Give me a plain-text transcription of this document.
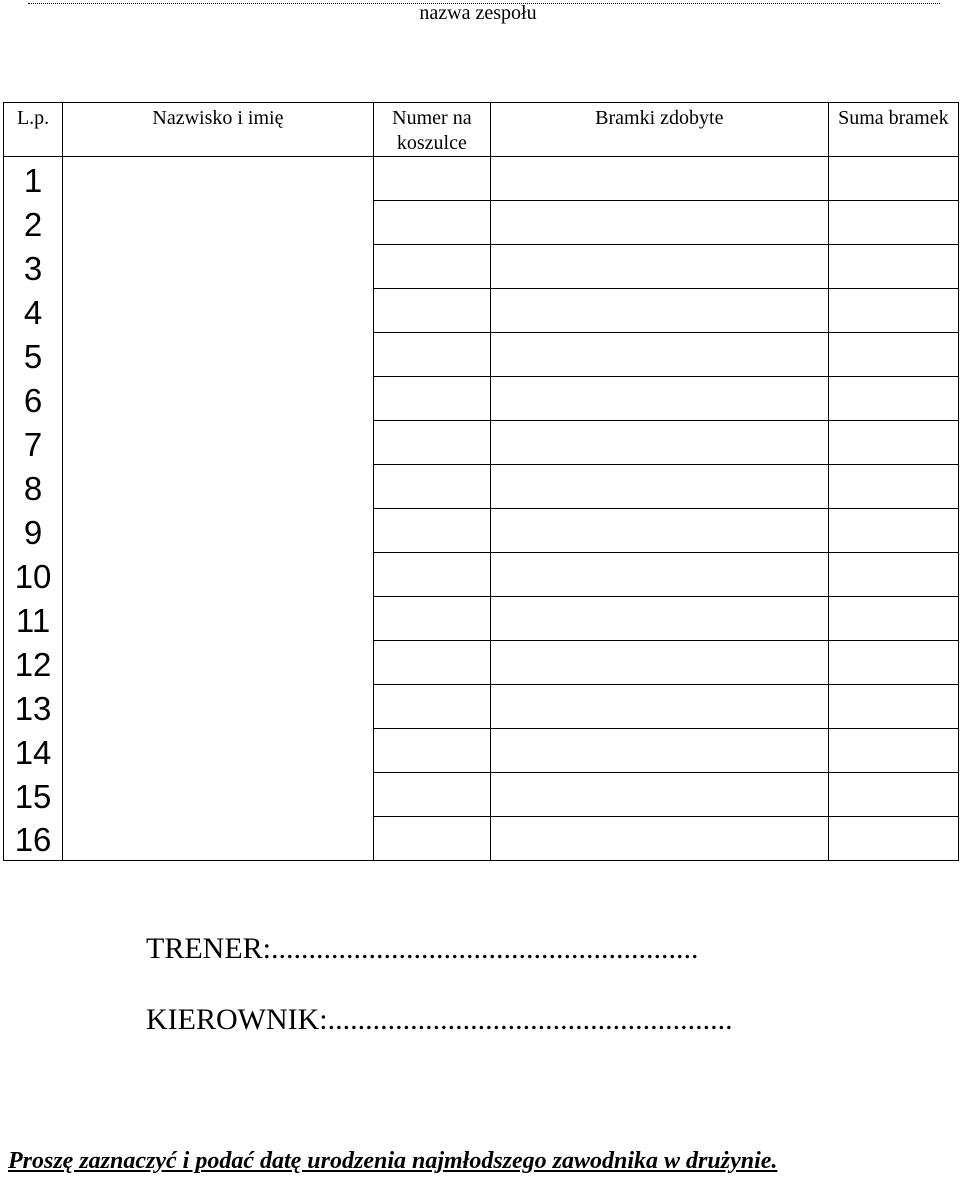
nazwa zespołu
L.p.	Nazwisko i imię	Numer na koszulce	Bramki zdobyte	Suma bramek
1				
2				
3				
4				
5				
6				
7				
8				
9				
10				
11				
12				
13				
14				
15				
16				
TRENER:.........................................................
KIEROWNIK:......................................................
Proszę zaznaczyć i podać datę urodzenia najmłodszego zawodnika w drużynie.
